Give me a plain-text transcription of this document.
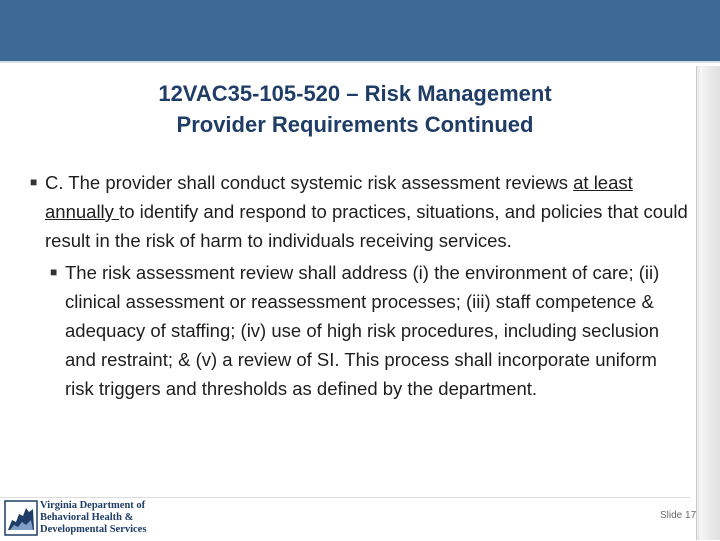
12VAC35-105-520 – Risk Management
Provider Requirements Continued
■ C. The provider shall conduct systemic risk assessment reviews at least annually to identify and respond to practices, situations, and policies that could result in the risk of harm to individuals receiving services.
■ The risk assessment review shall address (i) the environment of care; (ii) clinical assessment or reassessment processes; (iii) staff competence & adequacy of staffing; (iv) use of high risk procedures, including seclusion and restraint; & (v) a review of SI. This process shall incorporate uniform risk triggers and thresholds as defined by the department.
Virginia Department of
Behavioral Health &
Developmental Services
Slide 17
